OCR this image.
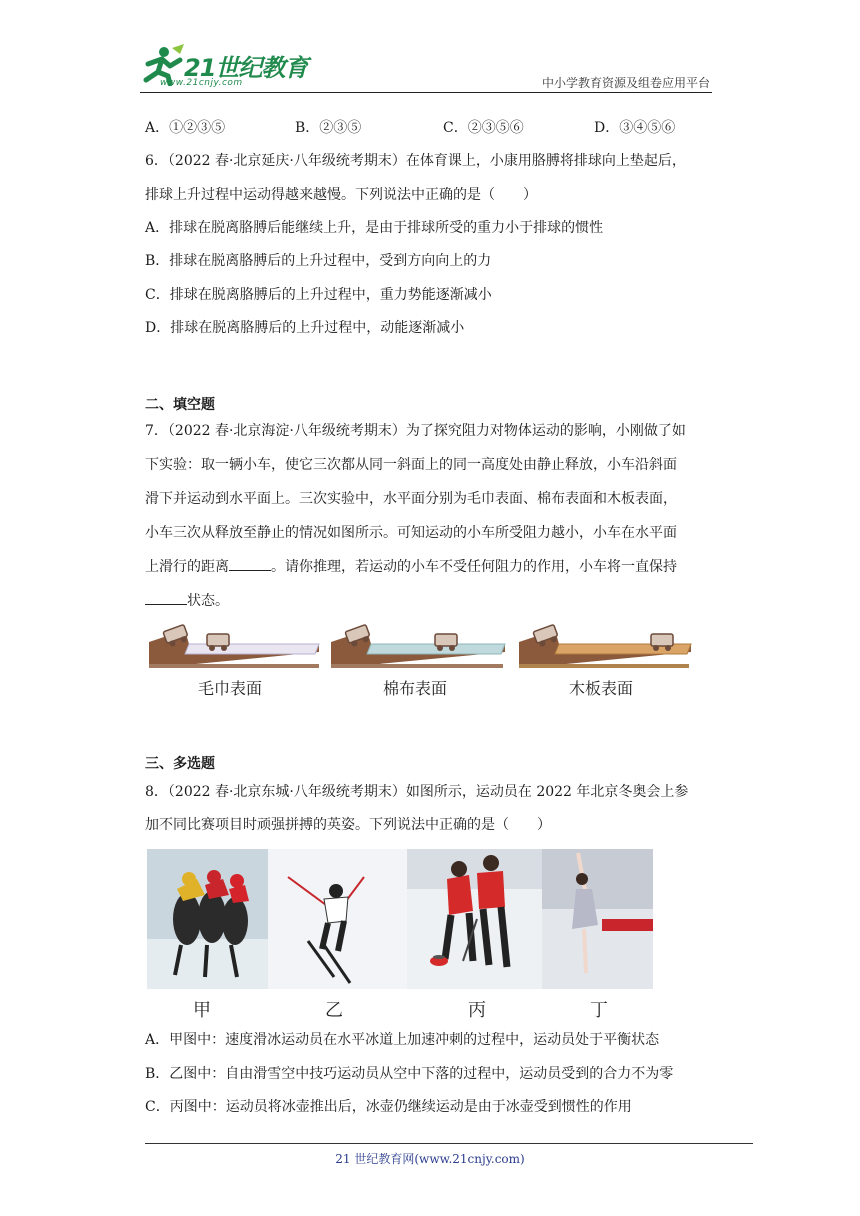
21世纪教育
www.21cnjy.com	中小学教育资源及组卷应用平台
A．①②③⑤	B．②③⑤	C．②③⑤⑥	D．③④⑤⑥
6．（2022 春·北京延庆·八年级统考期末）在体育课上，小康用胳膊将排球向上垫起后，
排球上升过程中运动得越来越慢。下列说法中正确的是（　　）
A．排球在脱离胳膊后能继续上升，是由于排球所受的重力小于排球的惯性
B．排球在脱离胳膊后的上升过程中，受到方向向上的力
C．排球在脱离胳膊后的上升过程中，重力势能逐渐减小
D．排球在脱离胳膊后的上升过程中，动能逐渐减小
二、填空题
7．（2022 春·北京海淀·八年级统考期末）为了探究阻力对物体运动的影响，小刚做了如
下实验：取一辆小车，使它三次都从同一斜面上的同一高度处由静止释放，小车沿斜面
滑下并运动到水平面上。三次实验中，水平面分别为毛巾表面、棉布表面和木板表面，
小车三次从释放至静止的情况如图所示。可知运动的小车所受阻力越小，小车在水平面
上滑行的距离	。请你推理，若运动的小车不受任何阻力的作用，小车将一直保持
状态。
毛巾表面	棉布表面	木板表面
三、多选题
8．（2022 春·北京东城·八年级统考期末）如图所示，运动员在 2022 年北京冬奥会上参
加不同比赛项目时顽强拼搏的英姿。下列说法中正确的是（　　）
甲	乙	丙	丁
A．甲图中：速度滑冰运动员在水平冰道上加速冲刺的过程中，运动员处于平衡状态
B．乙图中：自由滑雪空中技巧运动员从空中下落的过程中，运动员受到的合力不为零
C．丙图中：运动员将冰壶推出后，冰壶仍继续运动是由于冰壶受到惯性的作用
21 世纪教育网(www.21cnjy.com)
